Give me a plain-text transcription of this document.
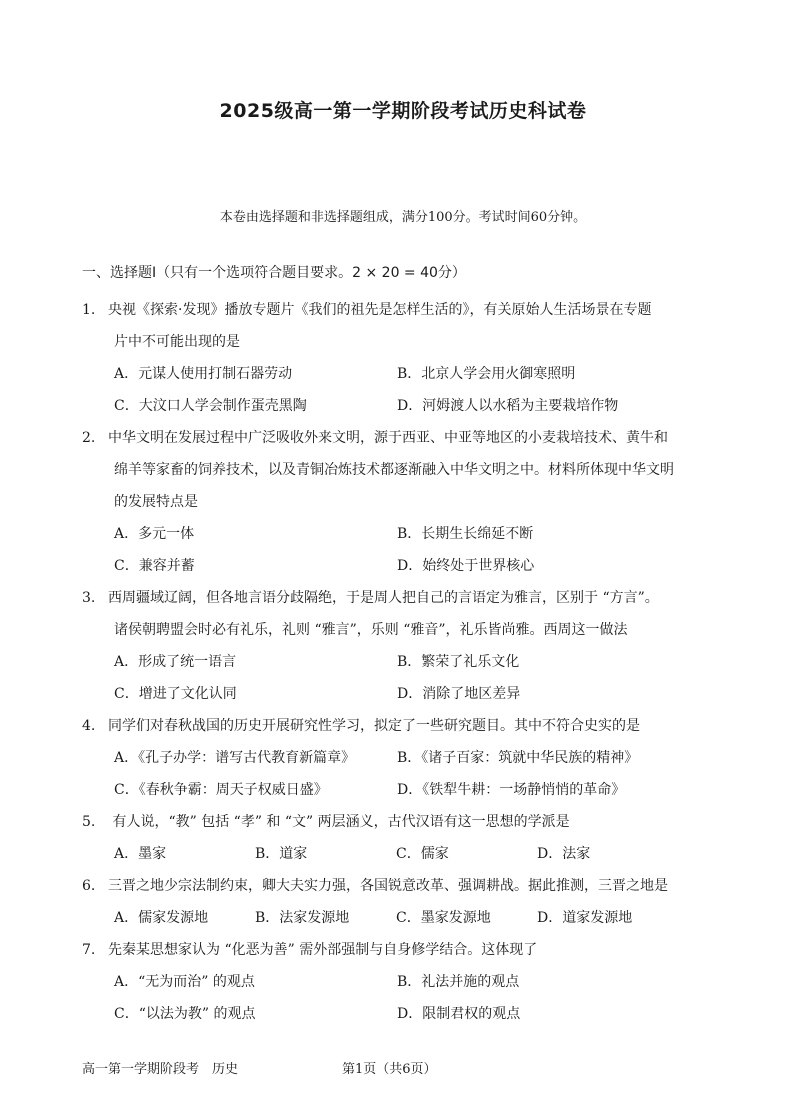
2025级高一第一学期阶段考试历史科试卷
本卷由选择题和非选择题组成，满分100分。考试时间60分钟。
一、选择题Ⅰ（只有一个选项符合题目要求。2 × 20 = 40分）
1. 央视《探索·发现》播放专题片《我们的祖先是怎样生活的》，有关原始人生活场景在专题
片中不可能出现的是
A．元谋人使用打制石器劳动	B．北京人学会用火御寒照明
C．大汶口人学会制作蛋壳黑陶	D．河姆渡人以水稻为主要栽培作物
2. 中华文明在发展过程中广泛吸收外来文明，源于西亚、中亚等地区的小麦栽培技术、黄牛和
绵羊等家畜的饲养技术，以及青铜冶炼技术都逐渐融入中华文明之中。材料所体现中华文明
的发展特点是
A．多元一体	B．长期生长绵延不断
C．兼容并蓄	D．始终处于世界核心
3. 西周疆域辽阔，但各地言语分歧隔绝，于是周人把自己的言语定为雅言，区别于 “方言”。
诸侯朝聘盟会时必有礼乐，礼则 “雅言”，乐则 “雅音”，礼乐皆尚雅。西周这一做法
A．形成了统一语言	B．繁荣了礼乐文化
C．增进了文化认同	D．消除了地区差异
4. 同学们对春秋战国的历史开展研究性学习，拟定了一些研究题目。其中不符合史实的是
A．《孔子办学：谱写古代教育新篇章》	B．《诸子百家：筑就中华民族的精神》
C．《春秋争霸：周天子权威日盛》	D．《铁犁牛耕：一场静悄悄的革命》
5. 有人说，“教” 包括 “孝” 和 “文” 两层涵义，古代汉语有这一思想的学派是
A．墨家	B．道家	C．儒家	D．法家
6. 三晋之地少宗法制约束，卿大夫实力强，各国锐意改革、强调耕战。据此推测，三晋之地是
A．儒家发源地	B．法家发源地	C．墨家发源地	D．道家发源地
7. 先秦某思想家认为 “化恶为善” 需外部强制与自身修学结合。这体现了
A．“无为而治” 的观点	B．礼法并施的观点
C．“以法为教” 的观点	D．限制君权的观点
高一第一学期阶段考　历史	第1页（共6页）
